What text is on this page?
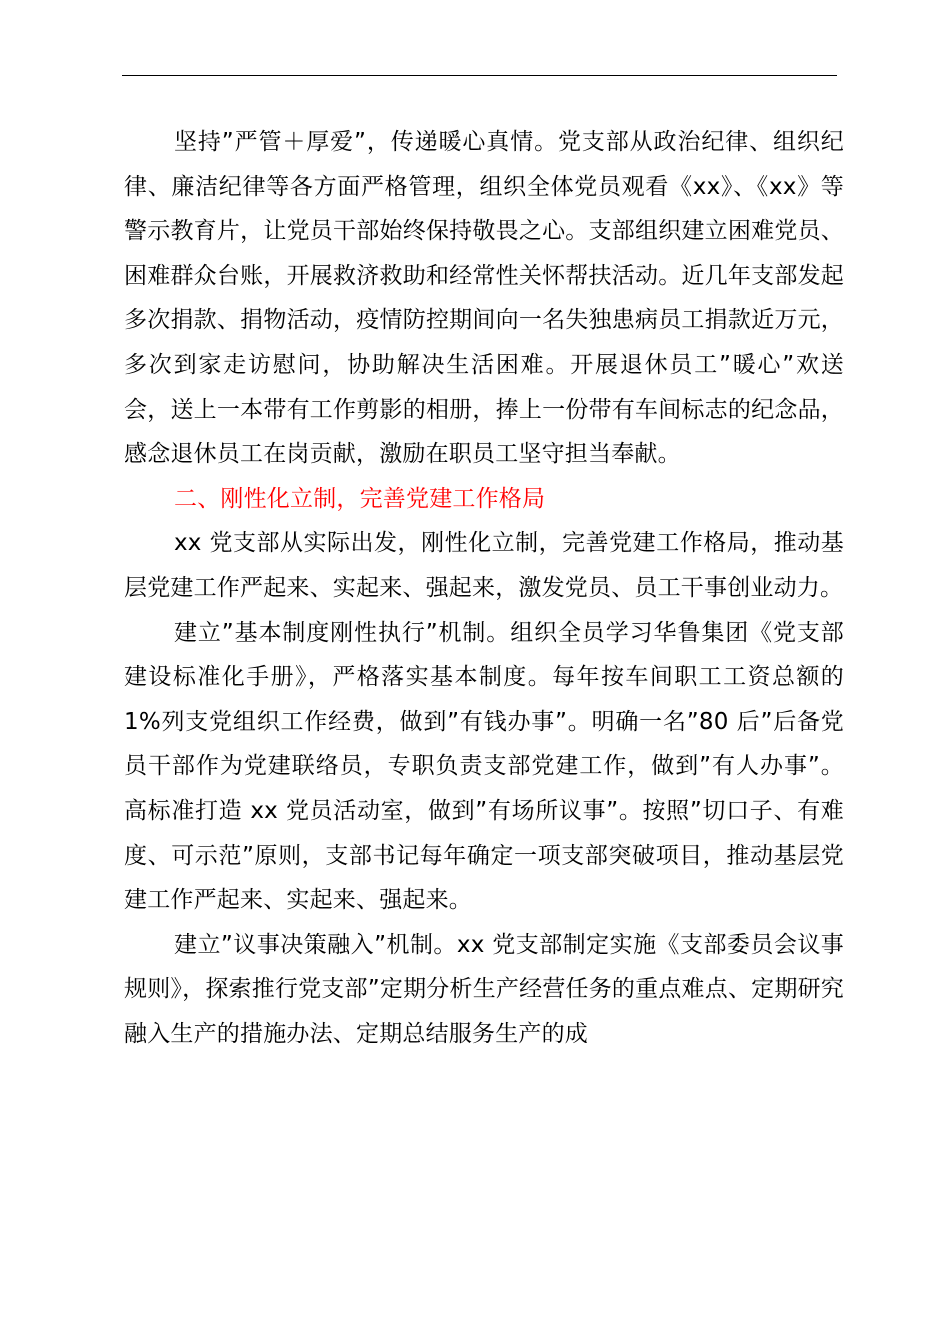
坚持”严管＋厚爱”，传递暖心真情。党支部从政治纪律、组织纪律、廉洁纪律等各方面严格管理，组织全体党员观看《xx》、《xx》等警示教育片，让党员干部始终保持敬畏之心。支部组织建立困难党员、困难群众台账，开展救济救助和经常性关怀帮扶活动。近几年支部发起多次捐款、捐物活动，疫情防控期间向一名失独患病员工捐款近万元，多次到家走访慰问，协助解决生活困难。开展退休员工”暖心”欢送会，送上一本带有工作剪影的相册，捧上一份带有车间标志的纪念品，感念退休员工在岗贡献，激励在职员工坚守担当奉献。

二、刚性化立制，完善党建工作格局

xx 党支部从实际出发，刚性化立制，完善党建工作格局，推动基层党建工作严起来、实起来、强起来，激发党员、员工干事创业动力。

建立”基本制度刚性执行”机制。组织全员学习华鲁集团《党支部建设标准化手册》，严格落实基本制度。每年按车间职工工资总额的 1%列支党组织工作经费，做到”有钱办事”。明确一名”80 后”后备党员干部作为党建联络员，专职负责支部党建工作，做到”有人办事”。高标准打造 xx 党员活动室，做到”有场所议事”。按照”切口子、有难度、可示范”原则，支部书记每年确定一项支部突破项目，推动基层党建工作严起来、实起来、强起来。

建立”议事决策融入”机制。xx 党支部制定实施《支部委员会议事规则》，探索推行党支部”定期分析生产经营任务的重点难点、定期研究融入生产的措施办法、定期总结服务生产的成
